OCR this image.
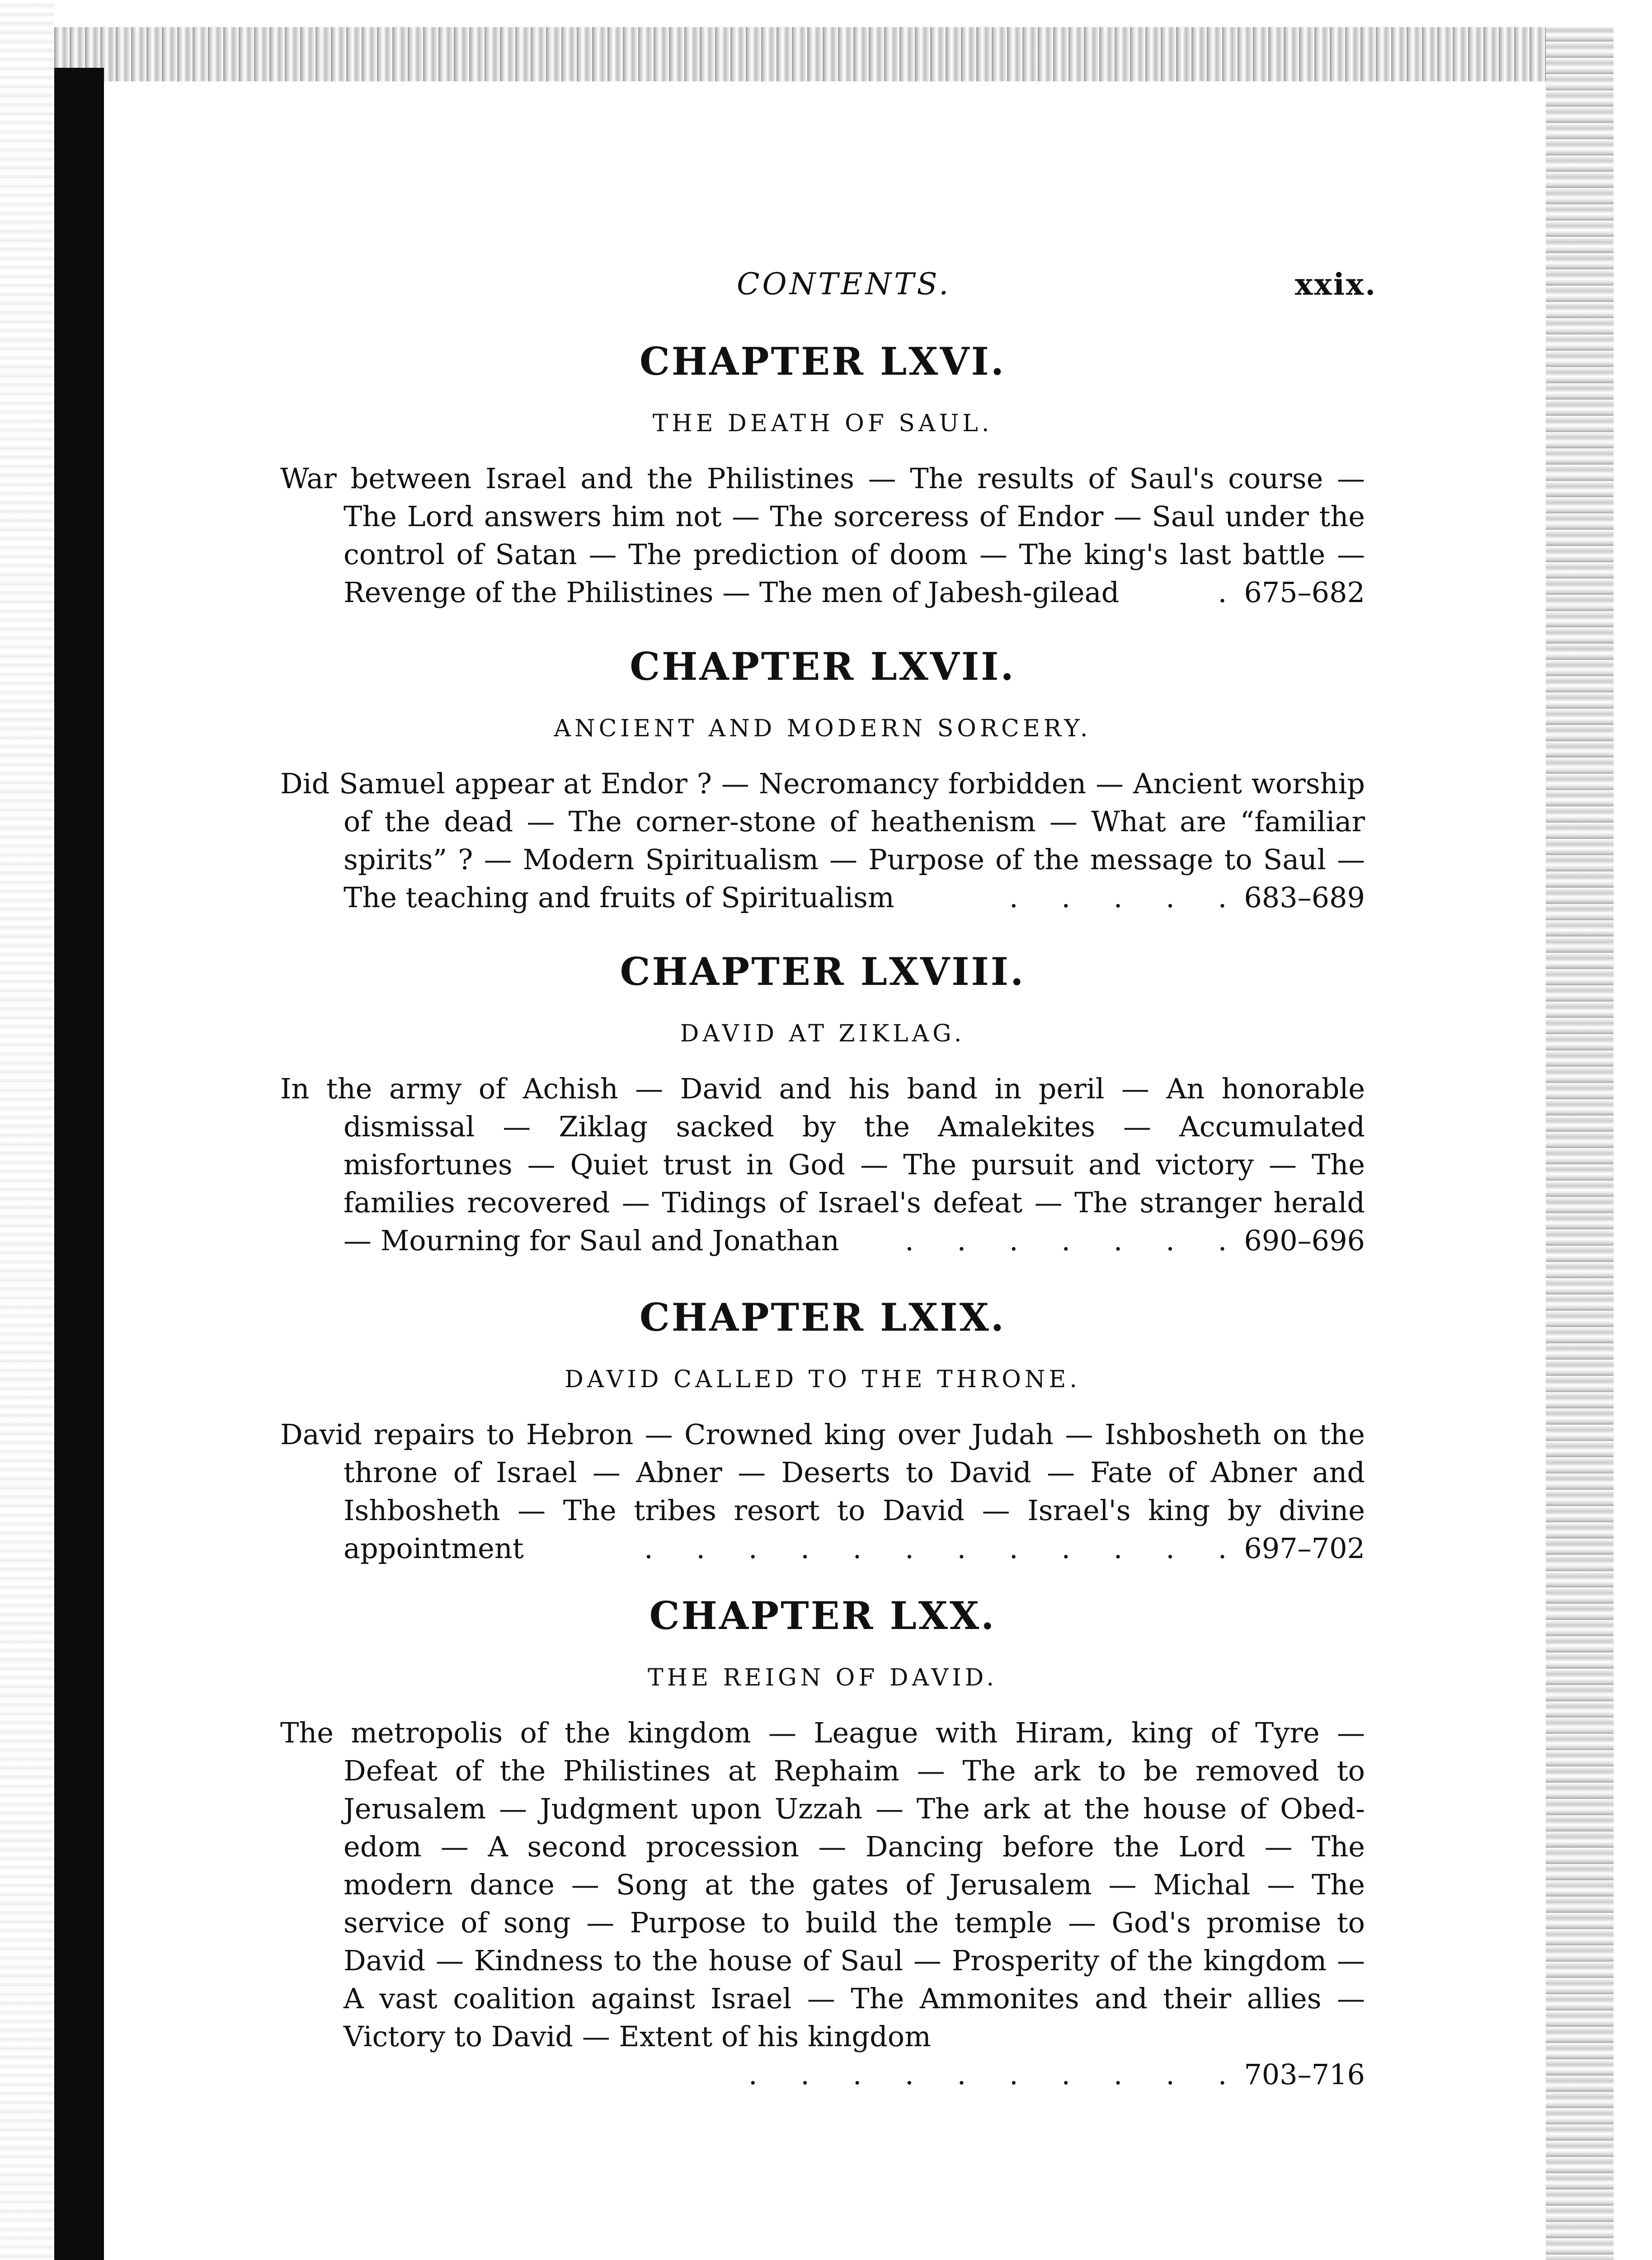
CONTENTS.	xxix.
CHAPTER LXVI.
THE DEATH OF SAUL.

War between Israel and the Philistines — The results of Saul's course — The Lord answers him not — The sorceress of Endor — Saul under the control of Satan — The prediction of doom — The king's last battle — Revenge of the Philistines — The men of Jabesh-gilead	.675–682

CHAPTER LXVII.
ANCIENT AND MODERN SORCERY.

Did Samuel appear at Endor ? — Necromancy forbidden — Ancient worship of the dead — The corner-stone of heathenism — What are “familiar spirits” ? — Modern Spiritualism — Purpose of the message to Saul — The teaching and fruits of Spiritualism	. . . . .683–689

CHAPTER LXVIII.
DAVID AT ZIKLAG.

In the army of Achish — David and his band in peril — An honorable dismissal — Ziklag sacked by the Amalekites — Accumulated misfortunes — Quiet trust in God — The pursuit and victory — The families recovered — Tidings of Israel's defeat — The stranger herald — Mourning for Saul and Jonathan . . . . . . .690–696

CHAPTER LXIX.
DAVID CALLED TO THE THRONE.

David repairs to Hebron — Crowned king over Judah — Ishbosheth on the throne of Israel — Abner — Deserts to David — Fate of Abner and Ishbosheth — The tribes resort to David — Israel's king by divine appointment	. . . . . . . . . . . .697–702

CHAPTER LXX.
THE REIGN OF DAVID.

The metropolis of the kingdom — League with Hiram, king of Tyre — Defeat of the Philistines at Rephaim — The ark to be removed to Jerusalem — Judgment upon Uzzah — The ark at the house of Obed-edom — A second procession — Dancing before the Lord — The modern dance — Song at the gates of Jerusalem — Michal — The service of song — Purpose to build the temple — God's promise to David — Kindness to the house of Saul — Prosperity of the kingdom — A vast coalition against Israel — The Ammonites and their allies — Victory to David — Extent of his kingdom
. . . . . . . . . .703–716
